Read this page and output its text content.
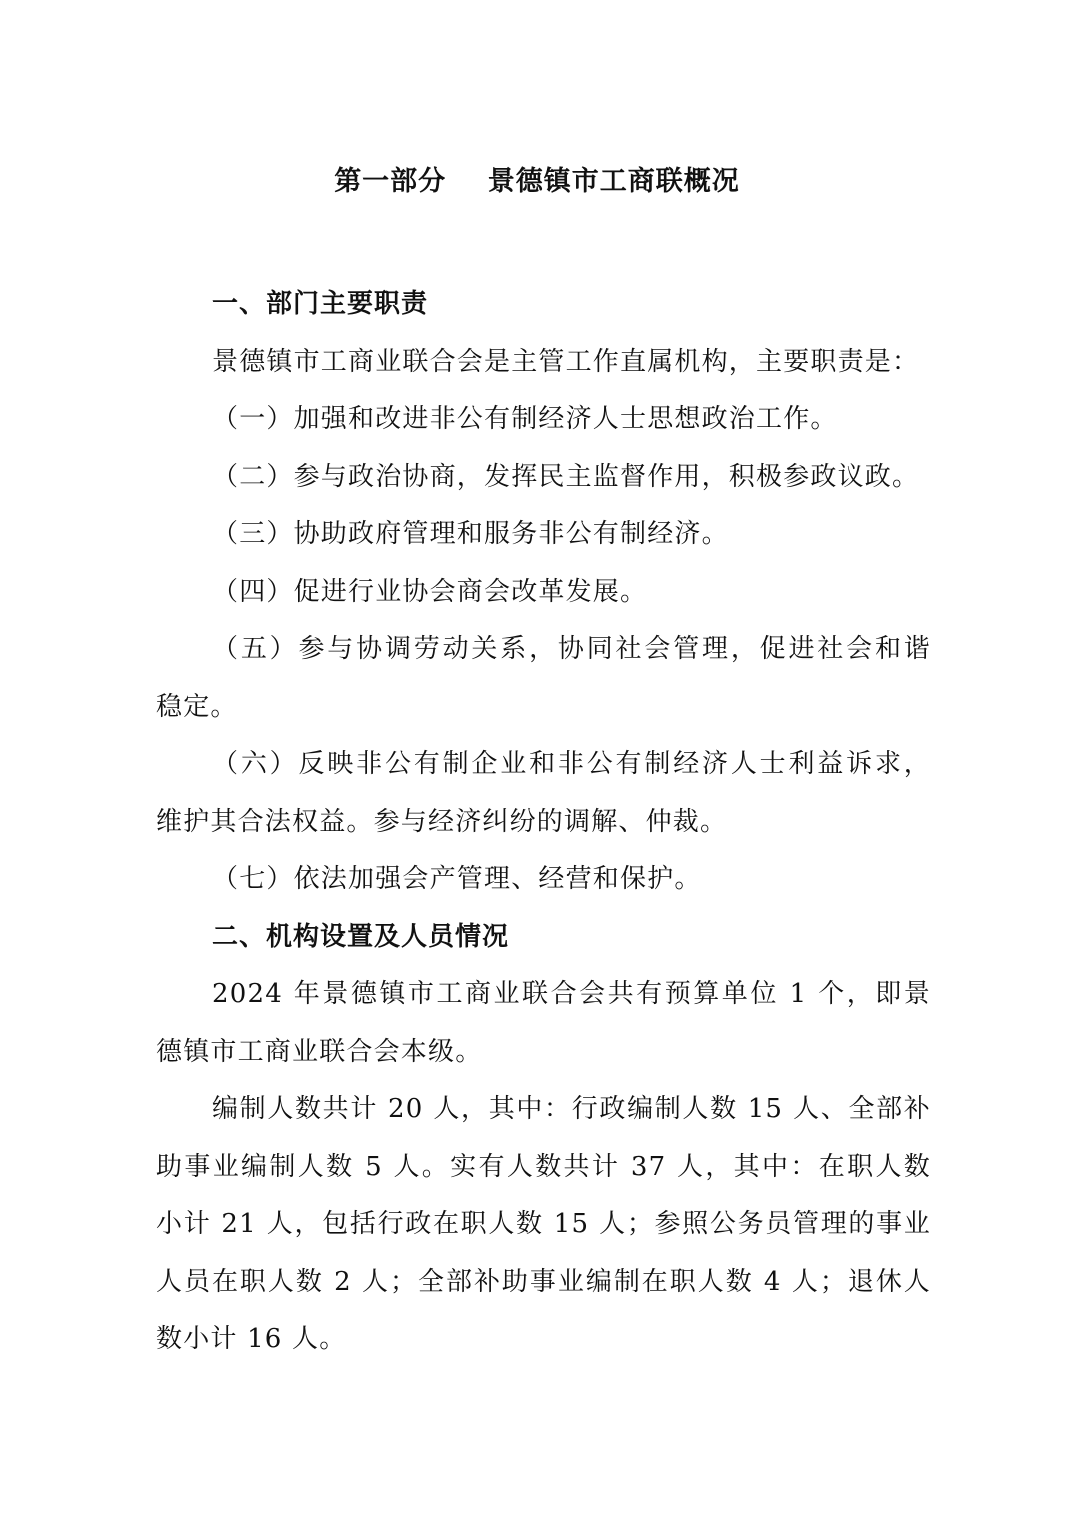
第一部分    景德镇市工商联概况
一、部门主要职责
景德镇市工商业联合会是主管工作直属机构，主要职责是：
（一）加强和改进非公有制经济人士思想政治工作。
（二）参与政治协商，发挥民主监督作用，积极参政议政。
（三）协助政府管理和服务非公有制经济。
（四）促进行业协会商会改革发展。
（五）参与协调劳动关系，协同社会管理，促进社会和谐
稳定。
（六）反映非公有制企业和非公有制经济人士利益诉求，
维护其合法权益。参与经济纠纷的调解、仲裁。
（七）依法加强会产管理、经营和保护。
二、机构设置及人员情况
2024 年景德镇市工商业联合会共有预算单位 1 个，即景
德镇市工商业联合会本级。
编制人数共计 20 人，其中：行政编制人数 15 人、全部补
助事业编制人数 5 人。实有人数共计 37 人，其中：在职人数
小计 21 人，包括行政在职人数 15 人；参照公务员管理的事业
人员在职人数 2 人；全部补助事业编制在职人数 4 人；退休人
数小计 16 人。
